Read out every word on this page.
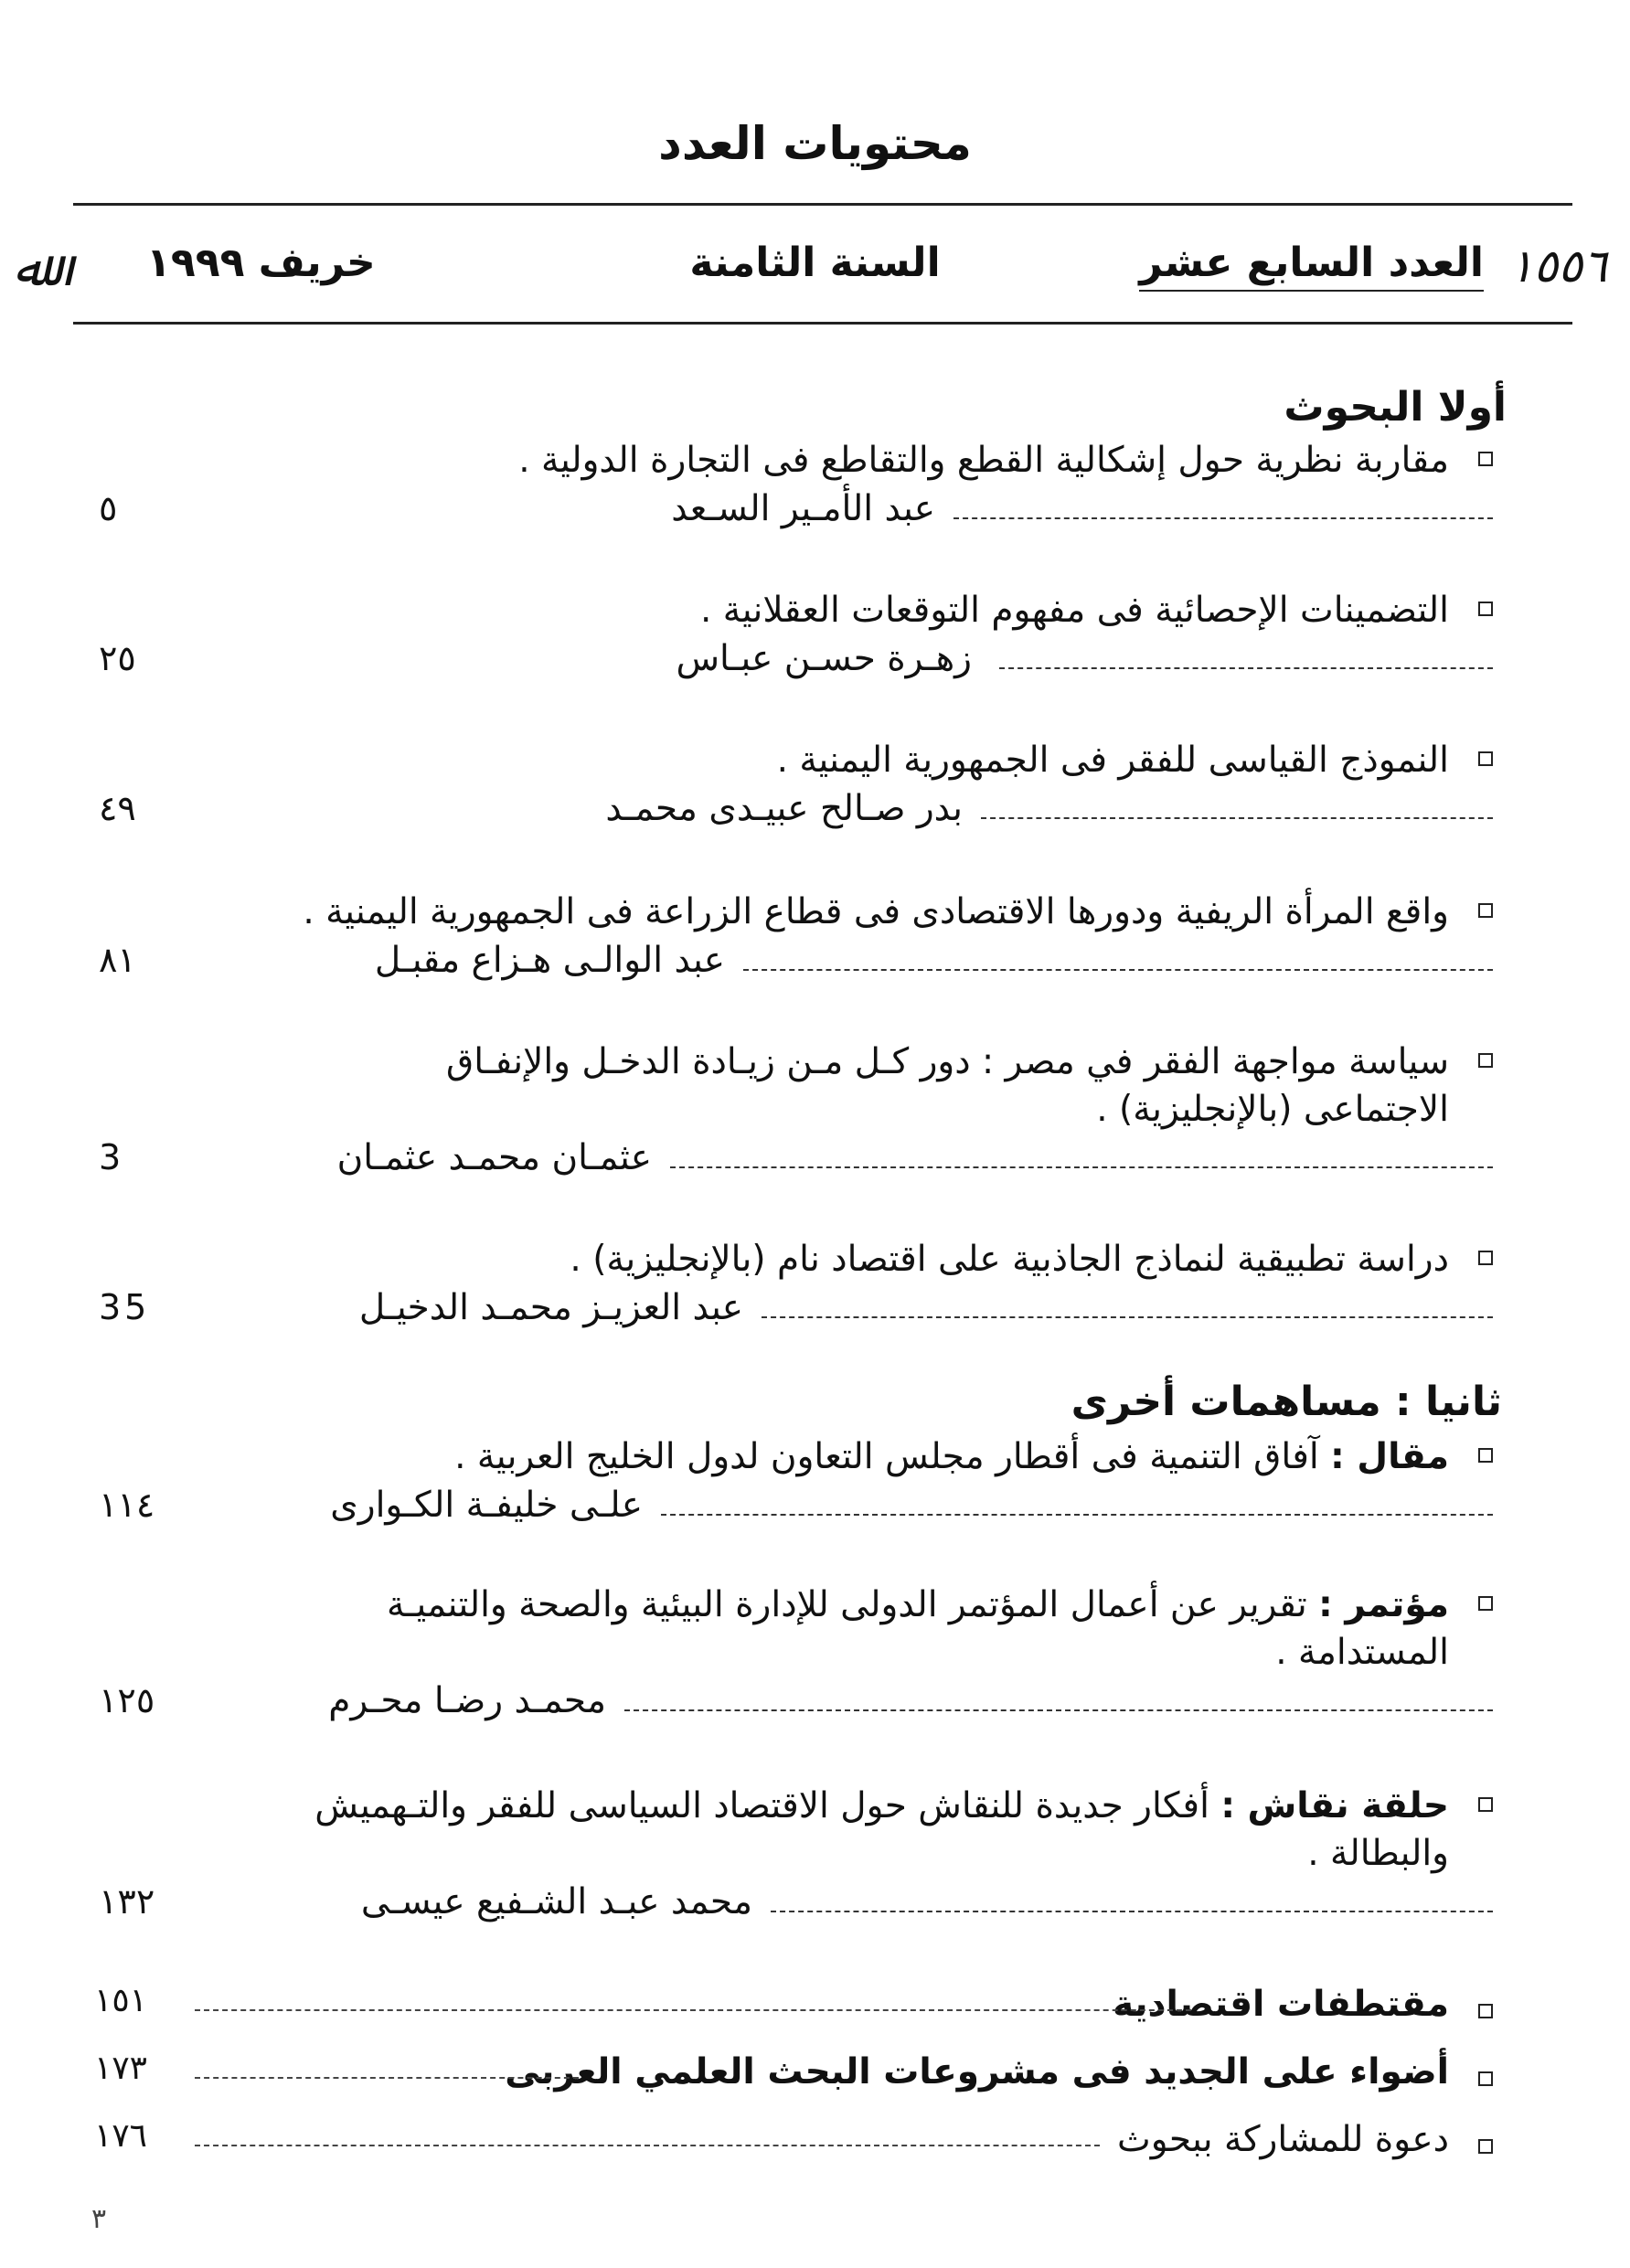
محتويات العدد
١٥٥٦
العدد السابع عشر
السنة الثامنة
خريف ١٩٩٩
ﷲ
أولا البحوث
مقاربة نظرية حول إشكالية القطع والتقاطع فى التجارة الدولية .
عبد الأمـير السـعد
٥
التضمينات الإحصائية فى مفهوم التوقعات العقلانية .
زهـرة حسـن عبـاس
٢٥
النموذج القياسى للفقر فى الجمهورية اليمنية .
بدر صـالح عبيـدى محمـد
٤٩
واقع المرأة الريفية ودورها الاقتصادى فى قطاع الزراعة فى الجمهورية اليمنية .
عبد الوالـى هـزاع مقبـل
٨١
سياسة مواجهة الفقر في مصر : دور كـل مـن زيـادة الدخـل والإنفـاق
الاجتماعى (بالإنجليزية) .
عثمـان محمـد عثمـان
3
دراسة تطبيقية لنماذج الجاذبية على اقتصاد نام (بالإنجليزية) .
عبد العزيـز محمـد الدخيـل
35
ثانيا : مساهمات أخرى
مقال : آفاق التنمية فى أقطار مجلس التعاون لدول الخليج العربية .
علـى خليفـة الكـوارى
١١٤
مؤتمر : تقرير عن أعمال المؤتمر الدولى للإدارة البيئية والصحة والتنميـة
المستدامة .
محمـد رضـا محـرم
١٢٥
حلقة نقاش : أفكار جديدة للنقاش حول الاقتصاد السياسى للفقر والتـهميش
والبطالة .
محمد عبـد الشـفيع عيسـى
١٣٢
مقتطفات اقتصادية
١٥١
أضواء على الجديد فى مشروعات البحث العلمي العربى
١٧٣
دعوة للمشاركة ببحوث
١٧٦
٣
